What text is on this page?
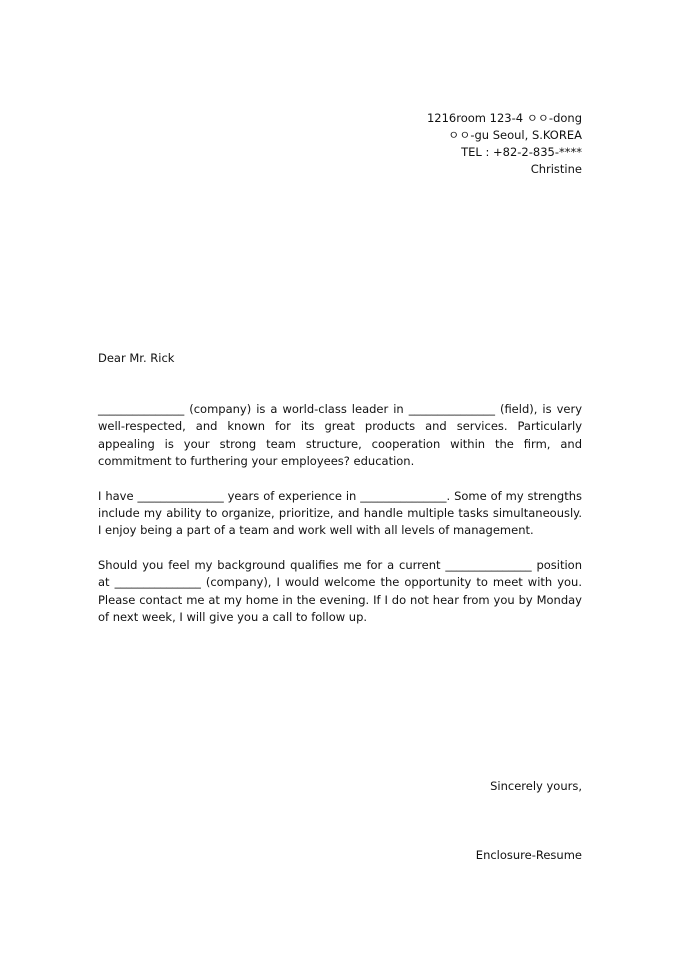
1216room 123-4 ㅇㅇ-dong
ㅇㅇ-gu Seoul, S.KOREA
TEL : +82-2-835-****
Christine
Dear Mr. Rick

_______________ (company) is a world-class leader in _______________ (field), is very well-respected, and known for its great products and services. Particularly appealing is your strong team structure, cooperation within the firm, and commitment to furthering your employees? education.

I have _______________ years of experience in _______________. Some of my strengths include my ability to organize, prioritize, and handle multiple tasks simultaneously. I enjoy being a part of a team and work well with all levels of management.

Should you feel my background qualifies me for a current _______________ position at _______________ (company), I would welcome the opportunity to meet with you. Please contact me at my home in the evening. If I do not hear from you by Monday of next week, I will give you a call to follow up.

Sincerely yours,
Enclosure-Resume
